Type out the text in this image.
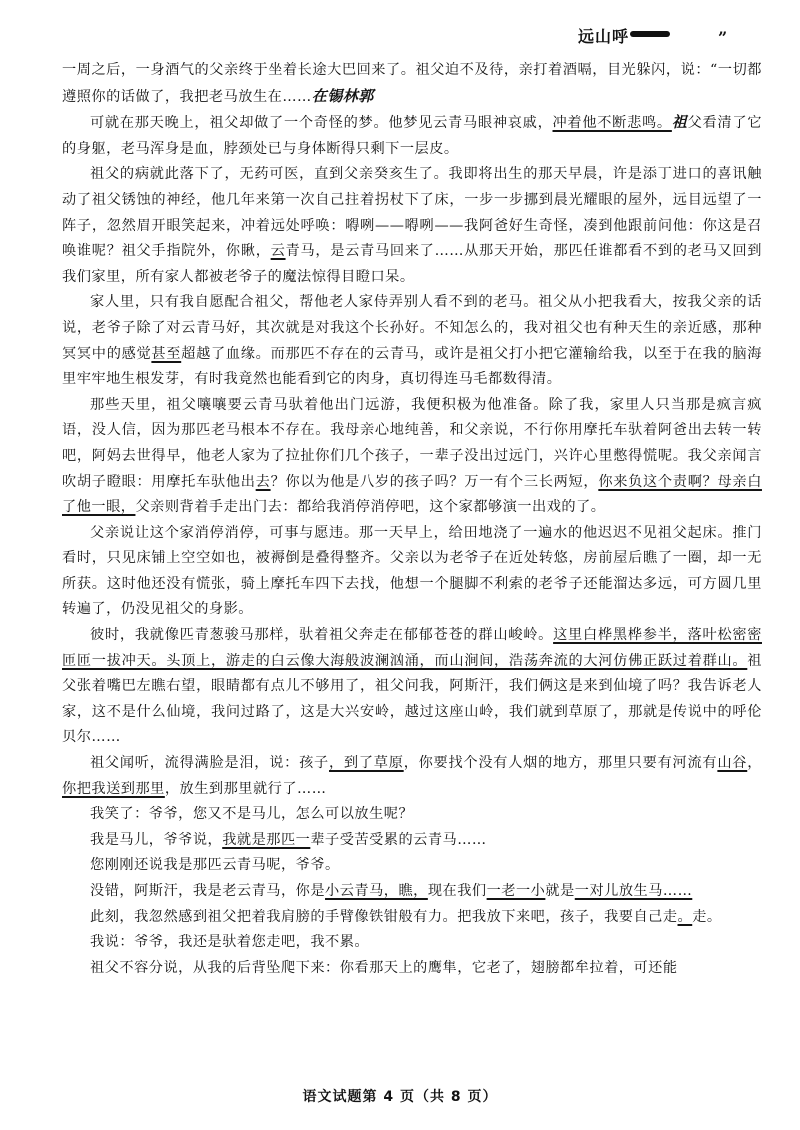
远山呼	”

一周之后，一身酒气的父亲终于坐着长途大巴回来了。祖父迫不及待，亲打着酒嗝，目光躲闪，说：“一切都遵照你的话做了，我把老马放生在……在锡林郭

可就在那天晚上，祖父却做了一个奇怪的梦。他梦见云青马眼神哀戚，冲着他不断悲鸣。祖父看清了它的身躯，老马浑身是血，脖颈处已与身体断得只剩下一层皮。

祖父的病就此落下了，无药可医，直到父亲癸亥生了。我即将出生的那天早晨，许是添丁进口的喜讯触动了祖父锈蚀的神经，他几年来第一次自己拄着拐杖下了床，一步一步挪到晨光耀眼的屋外，远目远望了一阵子，忽然眉开眼笑起来，冲着远处呼唤：嘚咧——嘚咧——我阿爸好生奇怪，凑到他跟前问他：你这是召唤谁呢？祖父手指院外，你瞅，云青马，是云青马回来了……从那天开始，那匹任谁都看不到的老马又回到我们家里，所有家人都被老爷子的魔法惊得目瞪口呆。

家人里，只有我自愿配合祖父，帮他老人家侍弄别人看不到的老马。祖父从小把我看大，按我父亲的话说，老爷子除了对云青马好，其次就是对我这个长孙好。不知怎么的，我对祖父也有种天生的亲近感，那种冥冥中的感觉甚至超越了血缘。而那匹不存在的云青马，或许是祖父打小把它灌输给我，以至于在我的脑海里牢牢地生根发芽，有时我竟然也能看到它的肉身，真切得连马毛都数得清。

那些天里，祖父嚷嚷要云青马驮着他出门远游，我便积极为他准备。除了我，家里人只当那是疯言疯语，没人信，因为那匹老马根本不存在。我母亲心地纯善，和父亲说，不行你用摩托车驮着阿爸出去转一转吧，阿妈去世得早，他老人家为了拉扯你们几个孩子，一辈子没出过远门，兴许心里憋得慌呢。我父亲闻言吹胡子瞪眼：用摩托车驮他出去？你以为他是八岁的孩子吗？万一有个三长两短，你来负这个责啊？母亲白了他一眼，父亲则背着手走出门去：都给我消停消停吧，这个家都够演一出戏的了。

父亲说让这个家消停消停，可事与愿违。那一天早上，给田地浇了一遍水的他迟迟不见祖父起床。推门看时，只见床铺上空空如也，被褥倒是叠得整齐。父亲以为老爷子在近处转悠，房前屋后瞧了一圈，却一无所获。这时他还没有慌张，骑上摩托车四下去找，他想一个腿脚不利索的老爷子还能溜达多远，可方圆几里转遍了，仍没见祖父的身影。

彼时，我就像匹青葱骏马那样，驮着祖父奔走在郁郁苍苍的群山峻岭。这里白桦黑桦参半，落叶松密密匝匝一拔冲天。头顶上，游走的白云像大海般波澜汹涌，而山涧间，浩荡奔流的大河仿佛正跃过着群山。祖父张着嘴巴左瞧右望，眼睛都有点儿不够用了，祖父问我，阿斯汗，我们俩这是来到仙境了吗？我告诉老人家，这不是什么仙境，我问过路了，这是大兴安岭，越过这座山岭，我们就到草原了，那就是传说中的呼伦贝尔……

祖父闻听，流得满脸是泪，说：孩子，到了草原，你要找个没有人烟的地方，那里只要有河流有山谷，你把我送到那里，放生到那里就行了……

我笑了：爷爷，您又不是马儿，怎么可以放生呢？

我是马儿，爷爷说，我就是那匹一辈子受苦受累的云青马……

您刚刚还说我是那匹云青马呢，爷爷。

没错，阿斯汗，我是老云青马，你是小云青马，瞧，现在我们一老一小就是一对儿放生马……

此刻，我忽然感到祖父把着我肩膀的手臂像铁钳般有力。把我放下来吧，孩子，我要自己走。走。

我说：爷爷，我还是驮着您走吧，我不累。

祖父不容分说，从我的后背坠爬下来：你看那天上的鹰隼，它老了，翅膀都牟拉着，可还能

语文试题第 4 页（共 8 页）
